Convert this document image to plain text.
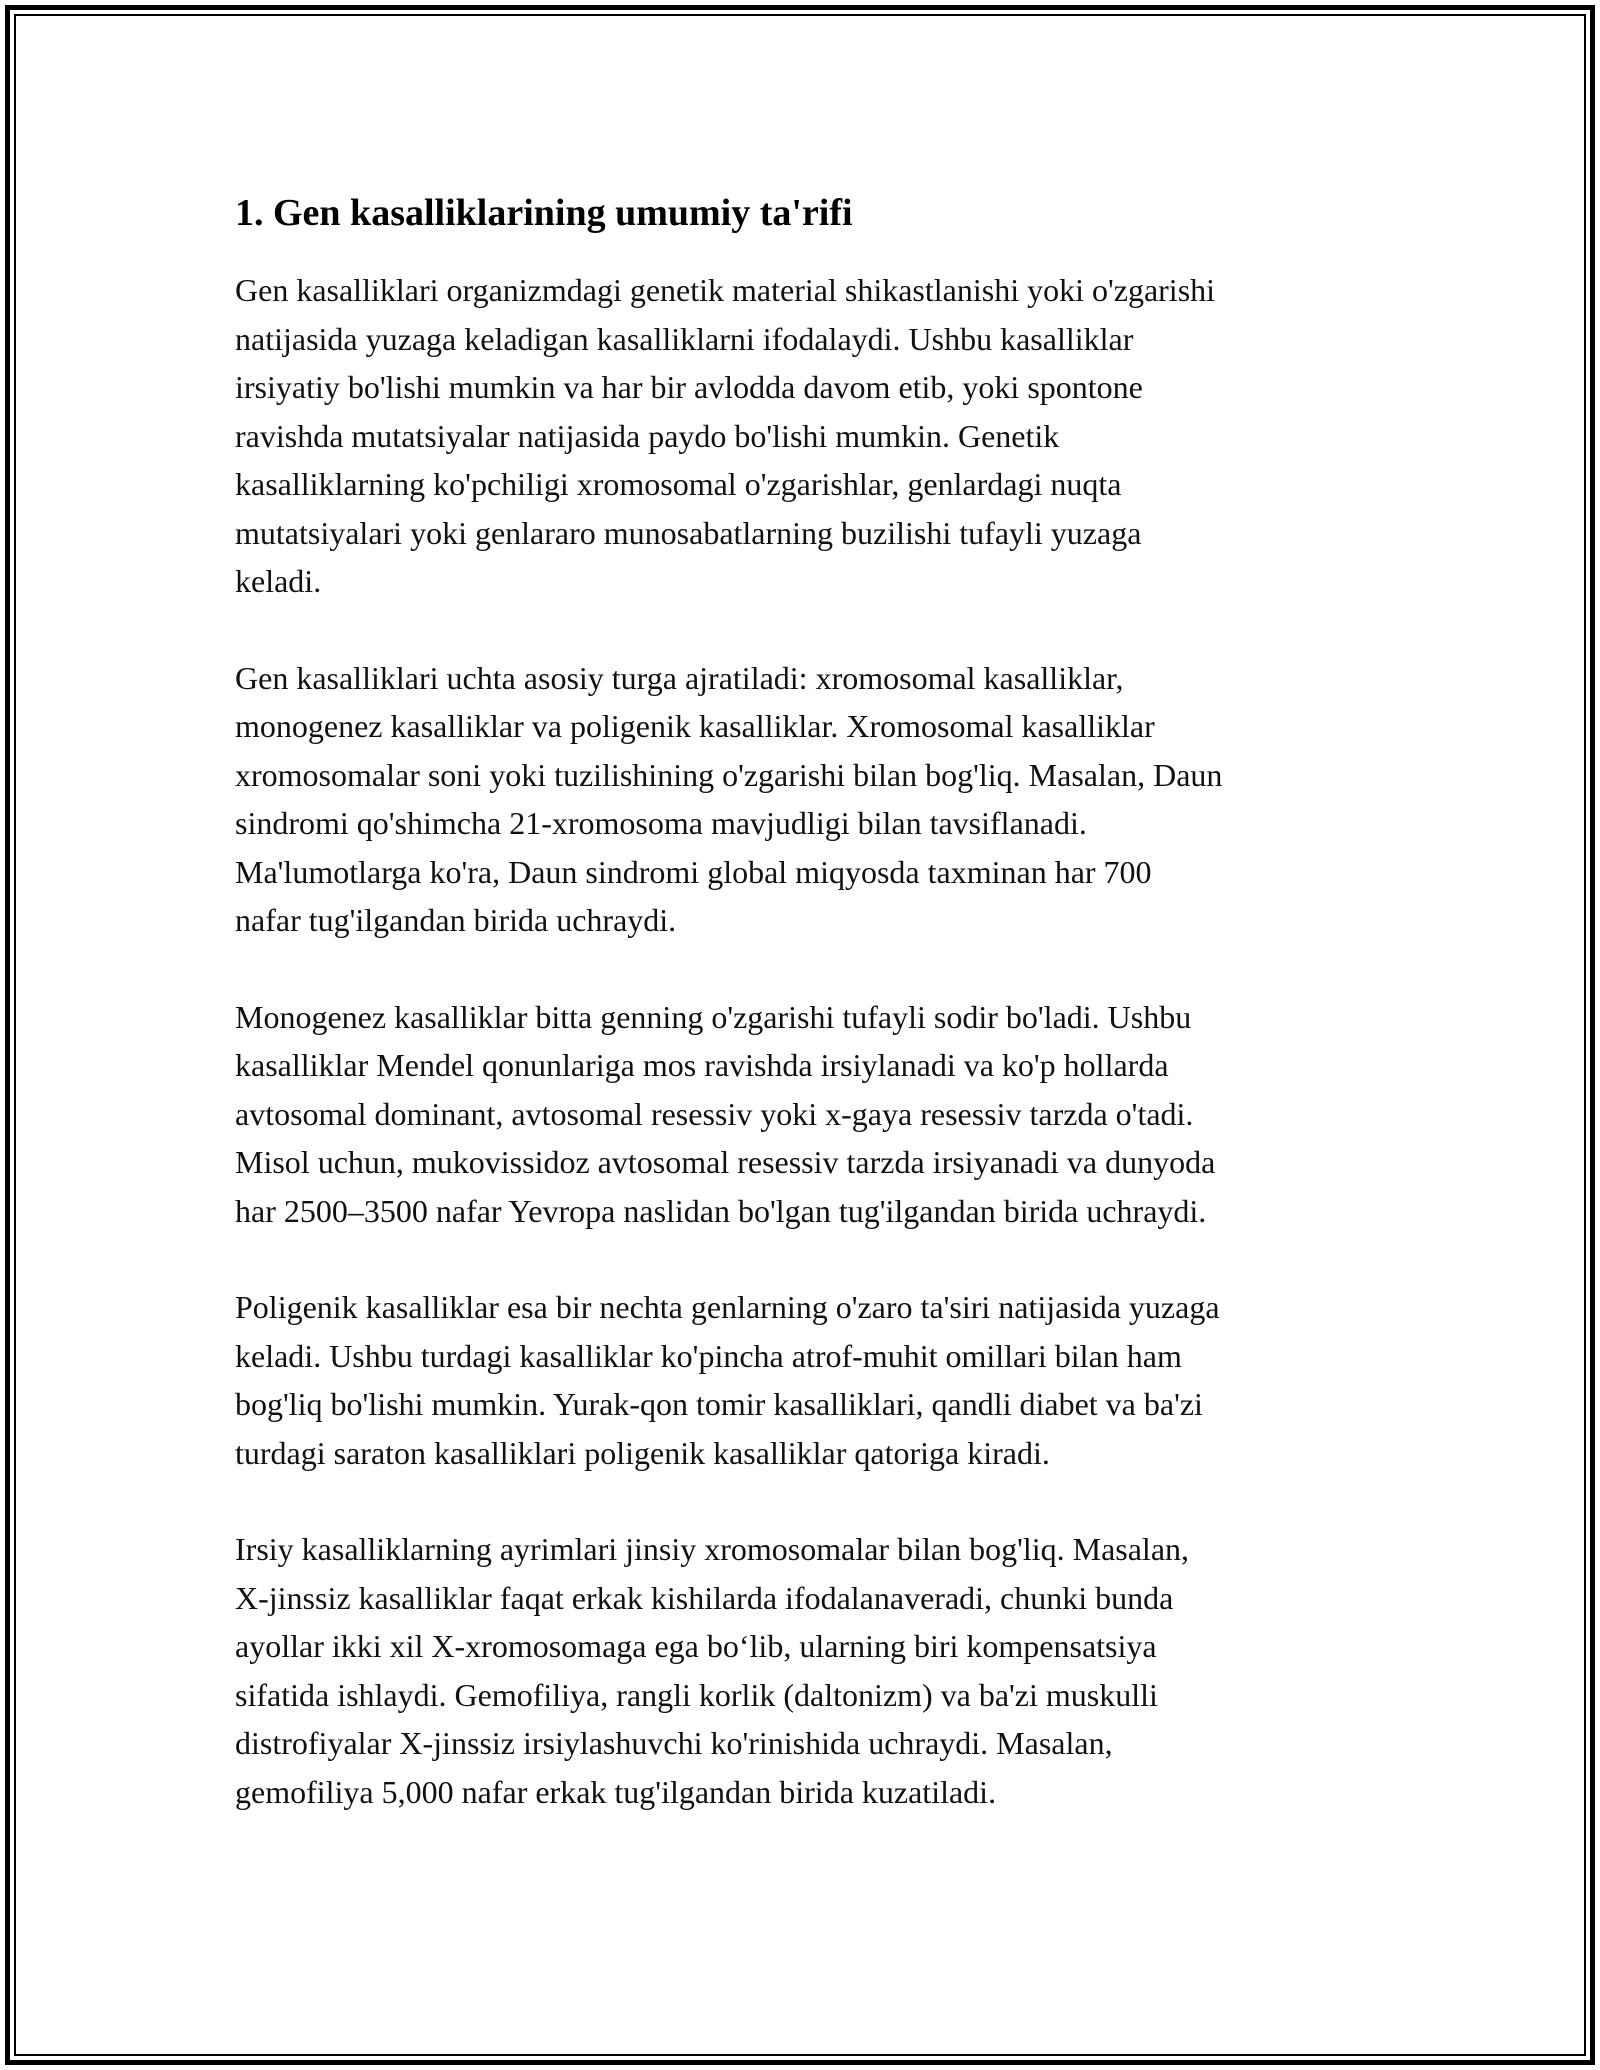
1. Gen kasalliklarining umumiy ta'rifi

Gen kasalliklari organizmdagi genetik material shikastlanishi yoki o'zgarishi
natijasida yuzaga keladigan kasalliklarni ifodalaydi. Ushbu kasalliklar
irsiyatiy bo'lishi mumkin va har bir avlodda davom etib, yoki spontone
ravishda mutatsiyalar natijasida paydo bo'lishi mumkin. Genetik
kasalliklarning ko'pchiligi xromosomal o'zgarishlar, genlardagi nuqta
mutatsiyalari yoki genlararo munosabatlarning buzilishi tufayli yuzaga
keladi.

Gen kasalliklari uchta asosiy turga ajratiladi: xromosomal kasalliklar,
monogenez kasalliklar va poligenik kasalliklar. Xromosomal kasalliklar
xromosomalar soni yoki tuzilishining o'zgarishi bilan bog'liq. Masalan, Daun
sindromi qo'shimcha 21-xromosoma mavjudligi bilan tavsiflanadi.
Ma'lumotlarga ko'ra, Daun sindromi global miqyosda taxminan har 700
nafar tug'ilgandan birida uchraydi.

Monogenez kasalliklar bitta genning o'zgarishi tufayli sodir bo'ladi. Ushbu
kasalliklar Mendel qonunlariga mos ravishda irsiylanadi va ko'p hollarda
avtosomal dominant, avtosomal resessiv yoki x-gaya resessiv tarzda o'tadi.
Misol uchun, mukovissidoz avtosomal resessiv tarzda irsiyanadi va dunyoda
har 2500–3500 nafar Yevropa naslidan bo'lgan tug'ilgandan birida uchraydi.

Poligenik kasalliklar esa bir nechta genlarning o'zaro ta'siri natijasida yuzaga
keladi. Ushbu turdagi kasalliklar ko'pincha atrof-muhit omillari bilan ham
bog'liq bo'lishi mumkin. Yurak-qon tomir kasalliklari, qandli diabet va ba'zi
turdagi saraton kasalliklari poligenik kasalliklar qatoriga kiradi.

Irsiy kasalliklarning ayrimlari jinsiy xromosomalar bilan bog'liq. Masalan,
X-jinssiz kasalliklar faqat erkak kishilarda ifodalanaveradi, chunki bunda
ayollar ikki xil X-xromosomaga ega bo‘lib, ularning biri kompensatsiya
sifatida ishlaydi. Gemofiliya, rangli korlik (daltonizm) va ba'zi muskulli
distrofiyalar X-jinssiz irsiylashuvchi ko'rinishida uchraydi. Masalan,
gemofiliya 5,000 nafar erkak tug'ilgandan birida kuzatiladi.
